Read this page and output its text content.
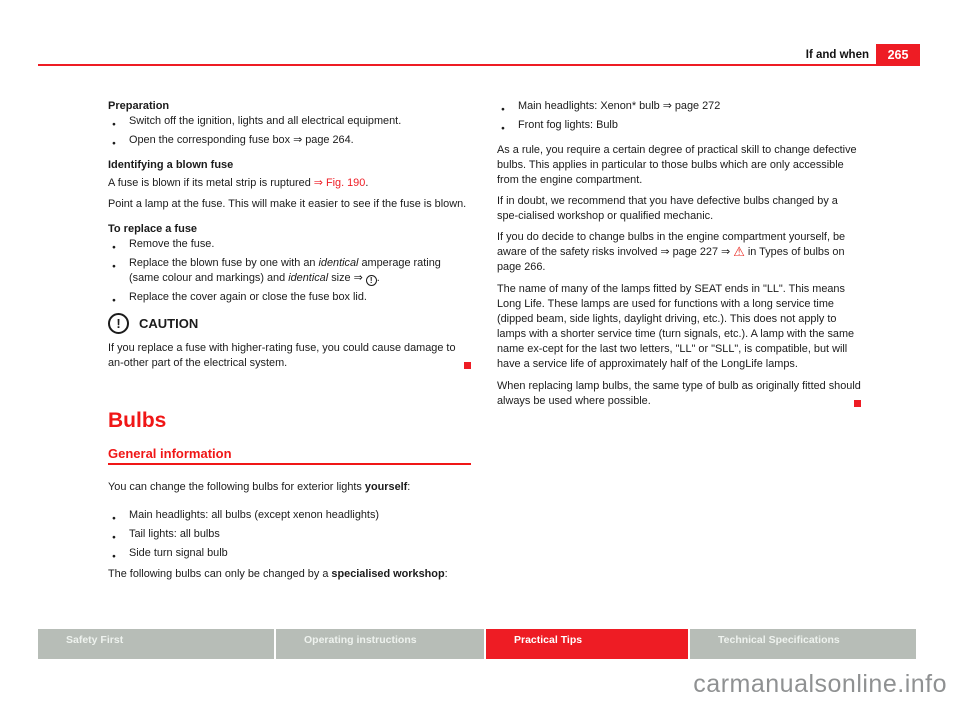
If and when 265
Preparation
● Switch off the ignition, lights and all electrical equipment.
● Open the corresponding fuse box ⇒ page 264.
Identifying a blown fuse

A fuse is blown if its metal strip is ruptured ⇒ Fig. 190.

Point a lamp at the fuse. This will make it easier to see if the fuse is blown.

To replace a fuse
● Remove the fuse.
● Replace the blown fuse by one with an identical amperage rating (same colour and markings) and identical size ⇒ ! .
● Replace the cover again or close the fuse box lid.
!	CAUTION

If you replace a fuse with higher-rating fuse, you could cause damage to an-other part of the electrical system.

Bulbs
General information

You can change the following bulbs for exterior lights yourself:

● Main headlights: all bulbs (except xenon headlights)
● Tail lights: all bulbs
● Side turn signal bulb

The following bulbs can only be changed by a specialised workshop:

● Main headlights: Xenon* bulb ⇒ page 272
● Front fog lights: Bulb

As a rule, you require a certain degree of practical skill to change defective bulbs. This applies in particular to those bulbs which are only accessible from the engine compartment.

If in doubt, we recommend that you have defective bulbs changed by a spe-cialised workshop or qualified mechanic.

If you do decide to change bulbs in the engine compartment yourself, be aware of the safety risks involved ⇒ page 227 ⇒ ⚠ in Types of bulbs on page 266.

The name of many of the lamps fitted by SEAT ends in "LL". This means Long Life. These lamps are used for functions with a long service time (dipped beam, side lights, daylight driving, etc.). This does not apply to lamps with a shorter service time (turn signals, etc.). A lamp with the same name ex-cept for the last two letters, "LL" or "SLL", is compatible, but will have a service life of approximately half of the LongLife lamps.

When replacing lamp bulbs, the same type of bulb as originally fitted should always be used where possible.

Safety First	Operating instructions	Practical Tips	Technical Specifications
carmanualsonline.info
